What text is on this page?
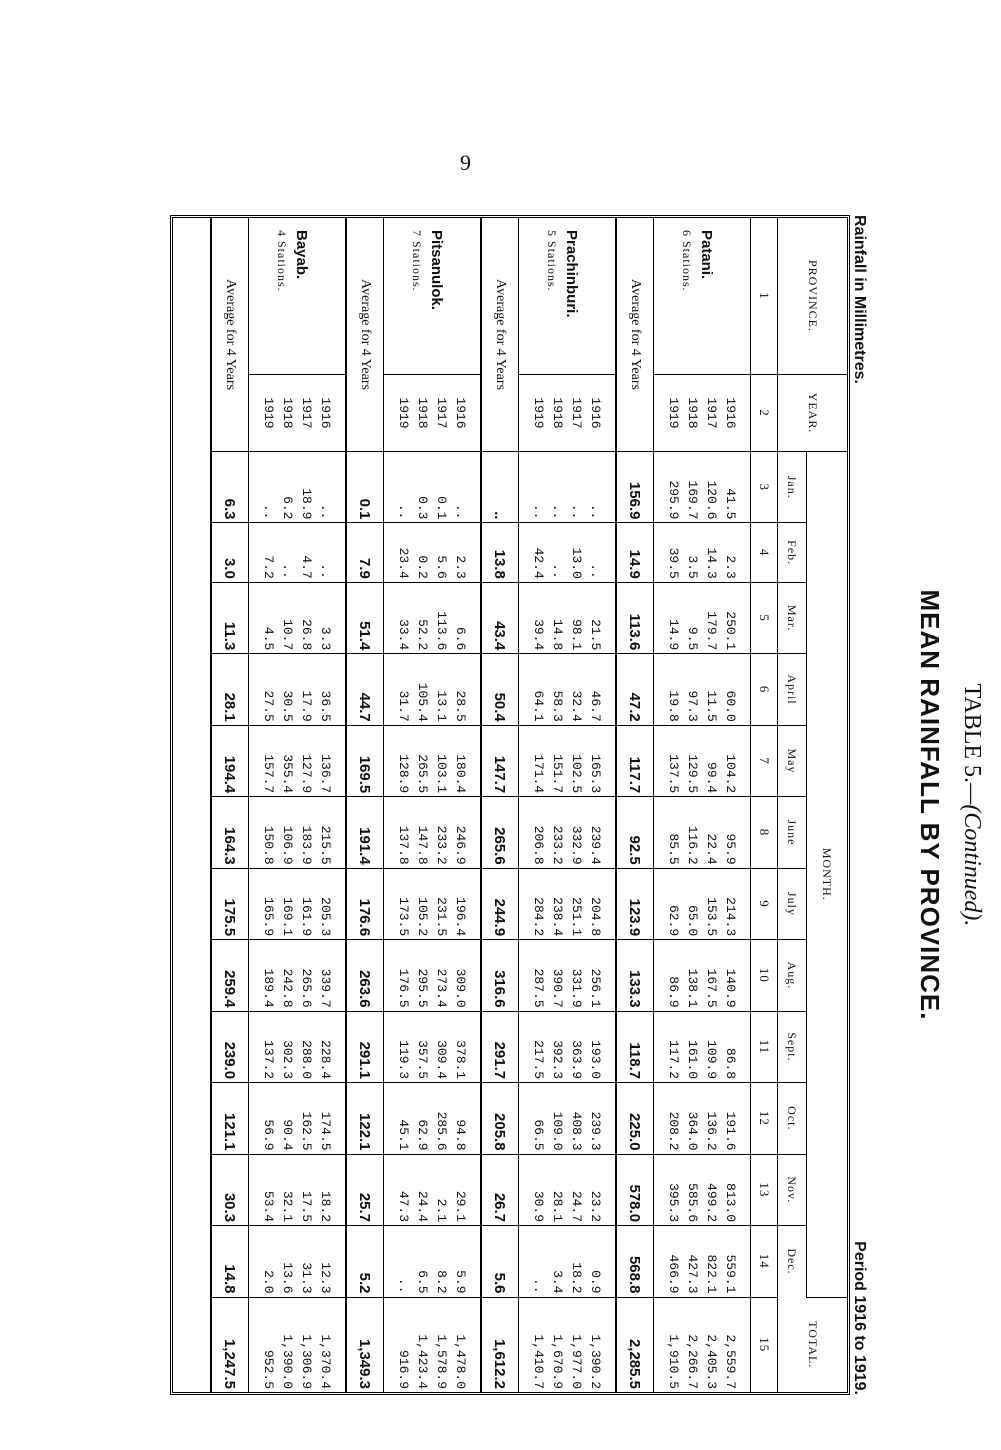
9
TABLE 5.—(Continued).
MEAN RAINFALL BY PROVINCE.
Rainfall in Millimetres.
Period 1916 to 1919.
PROVINCE.	YEAR.	MONTH.												TOTAL.
		Jan.	Feb.	Mar.	April	May	June	July	Aug.	Sept.	Oct.	Nov.	Dec.	
1	2	3	4	5	6	7	8	9	10	11	12	13	14	15

Patani.
6 Stations.	1916	41.5	2.3	250.1	60.0	104.2	95.9	214.3	140.9	86.8	191.6	813.0	559.1	2,559.7
	1917	120.6	14.3	179.7	11.5	99.4	22.4	153.5	167.5	109.9	136.2	499.2	822.1	2,405.3
	1918	169.7	3.5	9.5	97.3	129.5	116.2	65.0	138.1	161.0	364.0	585.6	427.3	2,266.7
	1919	295.9	39.5	14.9	19.8	137.5	85.5	62.9	86.9	117.2	208.2	395.3	466.9	1,910.5
Average for 4 Years		156.9	14.9	113.6	47.2	117.7	92.5	123.9	133.3	118.7	225.0	578.0	568.8	2,285.5

Prachinburi.
5 Stations.	1916	..	..	21.5	46.7	165.3	239.4	204.8	256.1	193.0	239.3	23.2	0.9	1,390.2
	1917	..	13.0	98.1	32.4	102.5	332.9	251.1	331.9	363.9	408.3	24.7	18.2	1,977.0
	1918	..	..	14.8	58.3	151.7	233.2	238.4	390.7	392.3	109.0	28.1	3.4	1,670.9
	1919	..	42.4	39.4	64.1	171.4	206.8	284.2	287.5	217.5	66.5	30.9	..	1,410.7
Average for 4 Years		..	13.8	43.4	50.4	147.7	265.6	244.9	316.6	291.7	205.8	26.7	5.6	1,612.2

Pitsanulok.
7 Stations.	1916	..	2.3	6.6	28.5	180.4	246.9	196.4	309.0	378.1	94.8	29.1	5.9	1,478.0
	1917	0.1	5.6	113.6	13.1	103.1	233.2	231.5	273.4	309.4	285.6	2.1	8.2	1,578.9
	1918	0.3	0.2	52.2	105.4	265.5	147.8	105.2	295.5	357.5	62.9	24.4	6.5	1,423.4
	1919	..	23.4	33.4	31.7	128.9	137.8	173.5	176.5	119.3	45.1	47.3	..	916.9
Average for 4 Years		0.1	7.9	51.4	44.7	169.5	191.4	176.6	263.6	291.1	122.1	25.7	5.2	1,349.3

Bayab.
4 Stations.	1916	..	..	3.3	36.5	136.7	215.5	205.3	339.7	228.4	174.5	18.2	12.3	1,370.4
	1917	18.9	4.7	26.8	17.9	127.9	183.9	161.9	265.6	288.0	162.5	17.5	31.3	1,306.9
	1918	6.2	..	10.7	30.5	355.4	106.9	169.1	242.8	302.3	90.4	32.1	13.6	1,390.0
	1919	..	7.2	4.5	27.5	157.7	150.8	165.9	189.4	137.2	56.9	53.4	2.0	952.5
Average for 4 Years		6.3	3.0	11.3	28.1	194.4	164.3	175.5	259.4	239.0	121.1	30.3	14.8	1,247.5
